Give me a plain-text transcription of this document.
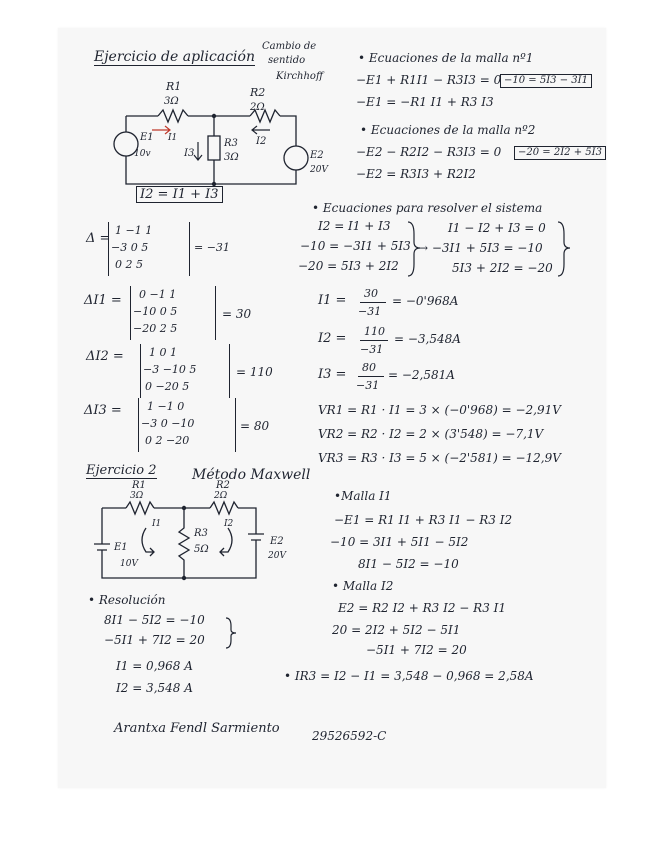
Ejercicio de aplicación
Cambio de
sentido
Kirchhoff
R1
3Ω
R2
2Ω
R3
3Ω
E1
10v	E2
20V
I1	I2
I3
I2 = I1 + I3
• Ecuaciones de la malla nº1
−E1 + R1I1 − R3I3 = 0 −10 = 5I3 − 3I1
−E1 = −R1 I1 + R3 I3
• Ecuaciones de la malla nº2
−E2 − R2I2 − R3I3 = 0	−20 = 2I2 + 5I3
−E2 = R3I3 + R2I2
• Ecuaciones para resolver el sistema
I2 = I1 + I3
−10 = −3I1 + 5I3
−20 = 5I3 + 2I2
I1 − I2 + I3 = 0
→ −3I1 + 5I3 = −10
5I3 + 2I2 = −20
Δ =
1 −1 1
−3 0 5
0 2 5
= −31
ΔI1 = 0 −1 1
−10 0 5
−20 2 5
= 30
ΔI2 = 1 0 1
−3 −10 5
0 −20 5
= 110
ΔI3 = 1 −1 0
−3 0 −10
0 2 −20
= 80
I1 = 30
−31
= −0'968A
I2 = 110
−31
= −3,548A
I3 = 80
−31
= −2,581A
VR1 = R1 · I1 = 3 × (−0'968) = −2,91V
VR2 = R2 · I2 = 2 × (3'548) = −7,1V
VR3 = R3 · I3 = 5 × (−2'581) = −12,9V
Ejercicio 2	Método Maxwell
R1
3Ω
R2
2Ω
R3
5Ω
E1
10V
E2
20V
I1	I2
•Malla I1
−E1 = R1 I1 + R3 I1 − R3 I2
−10 = 3I1 + 5I1 − 5I2
8I1 − 5I2 = −10
• Malla I2
E2 = R2 I2 + R3 I2 − R3 I1
20 = 2I2 + 5I2 − 5I1
−5I1 + 7I2 = 20
• Resolución
8I1 − 5I2 = −10
−5I1 + 7I2 = 20
I1 = 0,968 A
I2 = 3,548 A
• IR3 = I2 − I1 = 3,548 − 0,968 = 2,58A
Arantxa Fendl Sarmiento	29526592-C
